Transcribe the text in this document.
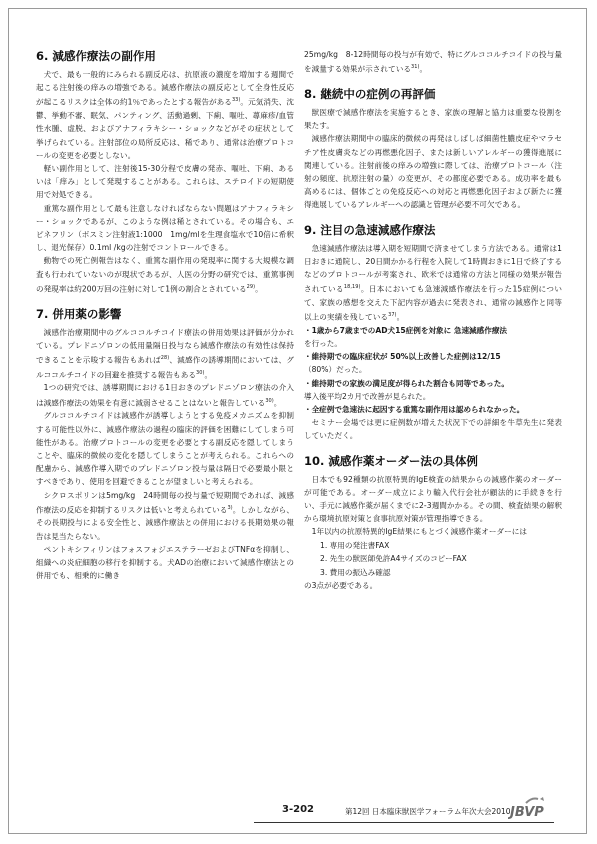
6. 減感作療法の副作用

犬で、最も一般的にみられる副反応は、抗原液の濃度を増加する週間で起こる注射後の痒みの増強である。減感作療法の副反応として全身性反応が起こるリスクは全体の約1％であったとする報告がある$^{33)}$。元気消失、沈鬱、挙動不審、眠気、パンティング、活動過剰、下痢、嘔吐、蕁麻疹/血管性水腫、虚脱、およびアナフィラキシー・ショックなどがその症状として挙げられている。注射部位の局所反応は、稀であり、通常は治療プロトコールの変更を必要としない。

軽い副作用として、注射後15-30分程で皮膚の発赤、嘔吐、下痢、あるいは「痒み」として発現することがある。これらは、ステロイドの短期使用で対処できる。

重篤な副作用として最も注意しなければならない問題はアナフィラキシー・ショックであるが、このような例は稀とされている。その場合も、エピネフリン（ボスミン注射液1:1000　1mg/mlを生理食塩水で10倍に希釈し、退光保存）0.1ml /kgの注射でコントロールできる。

動物での死亡例報告はなく、重篤な副作用の発現率に関する大規模な調査も行われていないのが現状であるが、人医の分野の研究では、重篤事例の発現率は約200万回の注射に対して1例の割合とされている$^{29)}$。

7. 併用薬の影響

減感作治療期間中のグルココルチコイド療法の併用効果は評価が分かれている。プレドニゾロンの低用量隔日投与なら減感作療法の有効性は保持できることを示唆する報告もあれば$^{28)}$、減感作の誘導期間においては、グルココルチコイドの回避を推奨する報告もある$^{30)}$。

1つの研究では、誘導期間における1日おきのプレドニゾロン療法の介入は減感作療法の効果を有意に減弱させることはないと報告している$^{30)}$。

グルココルチコイドは減感作が誘導しようとする免疫メカニズムを抑制する可能性以外に、減感作療法の過程の臨床的評価を困難にしてしまう可能性がある。治療プロトコールの変更を必要とする副反応を隠してしまうことや、臨床的徴候の変化を隠してしまうことが考えられる。これらへの配慮から、減感作導入期でのプレドニゾロン投与量は隔日で必要最小限とすべきであり、使用を回避できることが望ましいと考えられる。

シクロスポリンは5mg/kg　24時間毎の投与量で短期間であれば、減感作療法の反応を抑制するリスクは低いと考えられている$^{3)}$。しかしながら、その長期投与による安全性と、減感作療法との併用における長期効果の報告は見当たらない。

ペントキシフィリンはフォスフォジエステラーゼおよびTNFαを抑制し、組織への炎症細胞の移行を抑制する。犬ADの治療において減感作療法との併用でも、相乗的に働き

25mg/kg　8-12時間毎の投与が有効で、特にグルココルチコイドの投与量を減量する効果が示されている$^{31)}$。

8. 継続中の症例の再評価

獣医療で減感作療法を実施するとき、家族の理解と協力は重要な役割を果たす。

減感作療法期間中の臨床的徴候の再発はしばしば細菌性膿皮症やマラセチア性皮膚炎などの再燃悪化因子、または新しいアレルギーの獲得進展に関連している。注射前後の痒みの増強に際しては、治療プロトコール（注射の頻度、抗原注射の量）の変更が、その都度必要である。成功率を最も高めるには、個体ごとの免疫反応への対応と再燃悪化因子および新たに獲得進展しているアレルギーへの認識と管理が必要不可欠である。

9. 注目の急速減感作療法

急速減感作療法は導入期を短期間で済ませてしまう方法である。通常は1日おきに通院し、20日間かかる行程を入院して1時間おきに1日で終了するなどのプロトコールが考案され、欧米では通常の方法と同様の効果が報告されている$^{18,19)}$。日本においても急速減感作療法を行った15症例について、家族の感想を交えた下記内容が過去に発表され、通常の減感作と同等以上の実績を残している$^{37)}$。

・1歳から7歳までのAD犬15症例を対象に 急速減感作療法
を行った。

・維持期での臨床症状が 50%以上改善した症例は12/15
（80%）だった。

・維持期での家族の満足度が得られた割合も同等であった。
導入後平均2カ月で改善が見られた。

・全症例で急速法に起因する重篤な副作用は認められなかった。

セミナー会場では更に症例数が増えた状況下での詳細を牛草先生に発表していただく。

10. 減感作薬オーダー法の具体例

日本でも92種類の抗原特異的IgE検査の結果からの減感作薬のオーダーが可能である。オーダー成立により輸入代行会社が顧法的に手続きを行い、手元に減感作薬が届くまでに2-3週間かかる。その間、検査結果の解釈から環境抗原対策と食事抗原対策が管理指導できる。

1年以内の抗原特異的IgE結果にもとづく減感作薬オーダーには

1. 専用の発注書FAX

2. 先生の獣医師免許A4サイズのコピーFAX

3. 費用の振込み確認

の3点が必要である。

3-202	第12回 日本臨床獣医学フォーラム年次大会2010 JBVP
